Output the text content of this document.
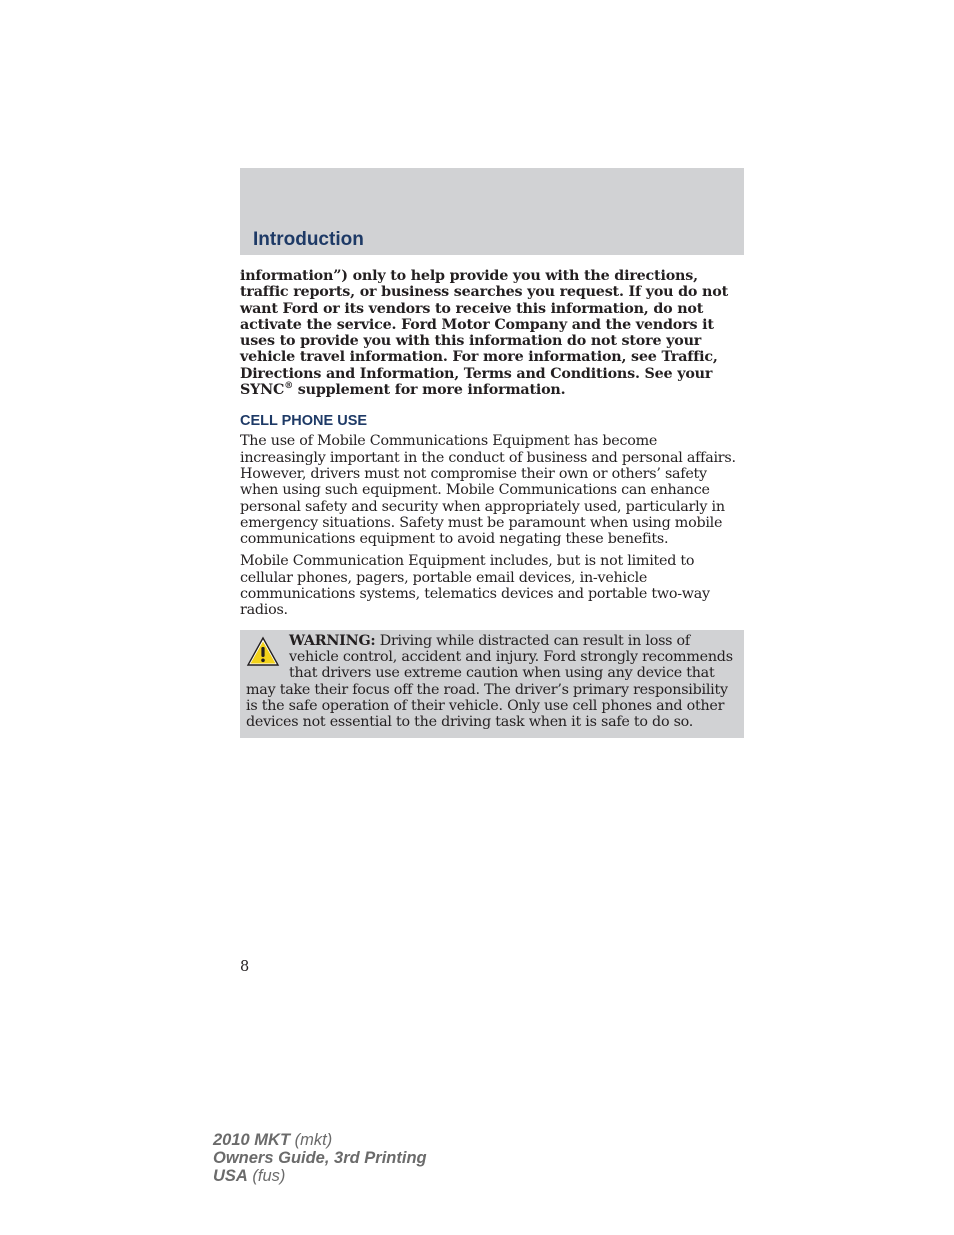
Introduction

information”) only to help provide you with the directions, traffic reports, or business searches you request. If you do not want Ford or its vendors to receive this information, do not activate the service. Ford Motor Company and the vendors it uses to provide you with this information do not store your vehicle travel information. For more information, see Traffic, Directions and Information, Terms and Conditions. See your SYNC® supplement for more information.

CELL PHONE USE

The use of Mobile Communications Equipment has become increasingly important in the conduct of business and personal affairs. However, drivers must not compromise their own or others’ safety when using such equipment. Mobile Communications can enhance personal safety and security when appropriately used, particularly in emergency situations. Safety must be paramount when using mobile communications equipment to avoid negating these benefits.

Mobile Communication Equipment includes, but is not limited to cellular phones, pagers, portable email devices, in-vehicle communications systems, telematics devices and portable two-way radios.

WARNING: Driving while distracted can result in loss of vehicle control, accident and injury. Ford strongly recommends that drivers use extreme caution when using any device that may take their focus off the road. The driver’s primary responsibility is the safe operation of their vehicle. Only use cell phones and other devices not essential to the driving task when it is safe to do so.
8
2010 MKT (mkt)
Owners Guide, 3rd Printing
USA (fus)
